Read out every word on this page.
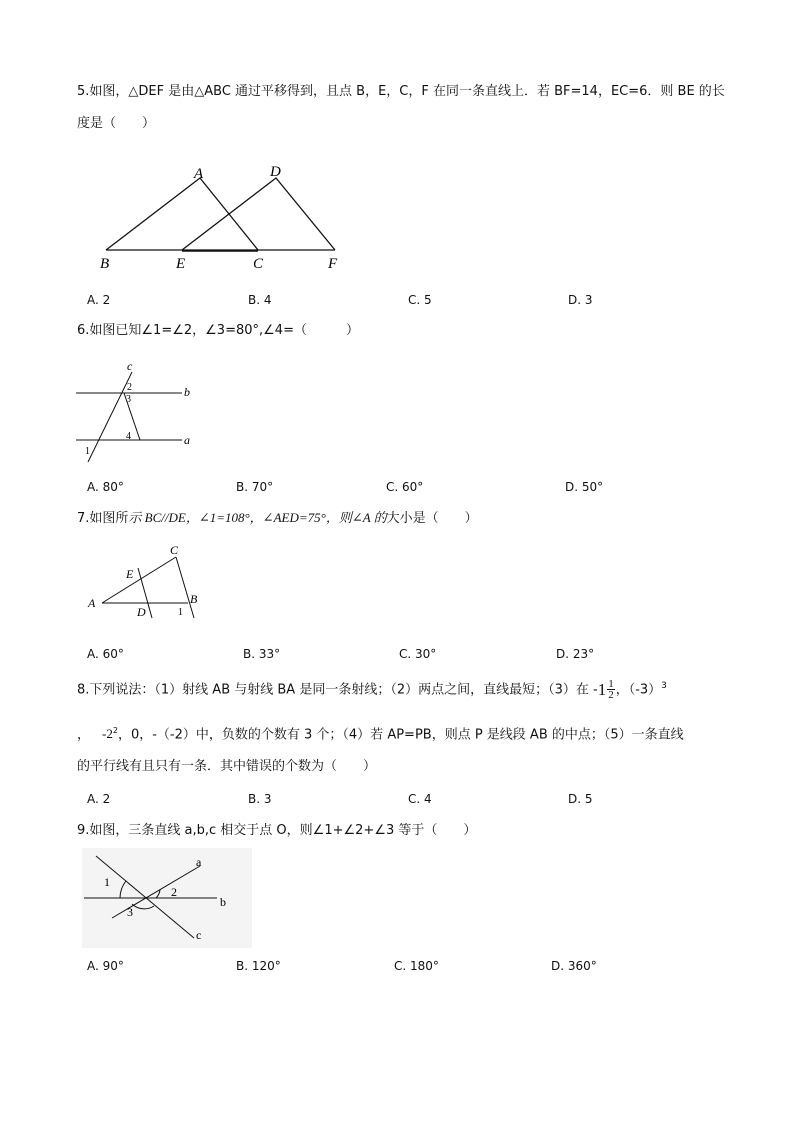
5.如图，△DEF 是由△ABC 通过平移得到，且点 B，E，C，F 在同一条直线上．若 BF=14，EC=6．则 BE 的长
度是（　　）
A	D
B	E	C	F
A. 2	B. 4	C. 5	D. 3
6.如图已知∠1=∠2，∠3=80°,∠4=（　　　）
c
b
a
2
3
4
1
A. 80°	B. 70°	C. 60°	D. 50°
7.如图所示 BC//DE，∠1=108°，∠AED=75°，则∠A 的大小是（　　）
C
E
A
D
B
1
A. 60°	B. 33°	C. 30°	D. 23°
8.下列说法：（1）射线 AB 与射线 BA 是同一条射线；（2）两点之间，直线最短；（3）在 $-1 \frac{1}{2}$ ，$(-3)^3$
， $-2^2$，0，-（-2）中，负数的个数有 3 个；（4）若 AP=PB，则点 P 是线段 AB 的中点；（5）一条直线
的平行线有且只有一条．其中错误的个数为（　　）
A. 2	B. 3	C. 4	D. 5
9.如图，三条直线 a,b,c 相交于点 O，则∠1+∠2+∠3 等于（　　）
a
b
c
1
2
3
A. 90°	B. 120°	C. 180°	D. 360°
